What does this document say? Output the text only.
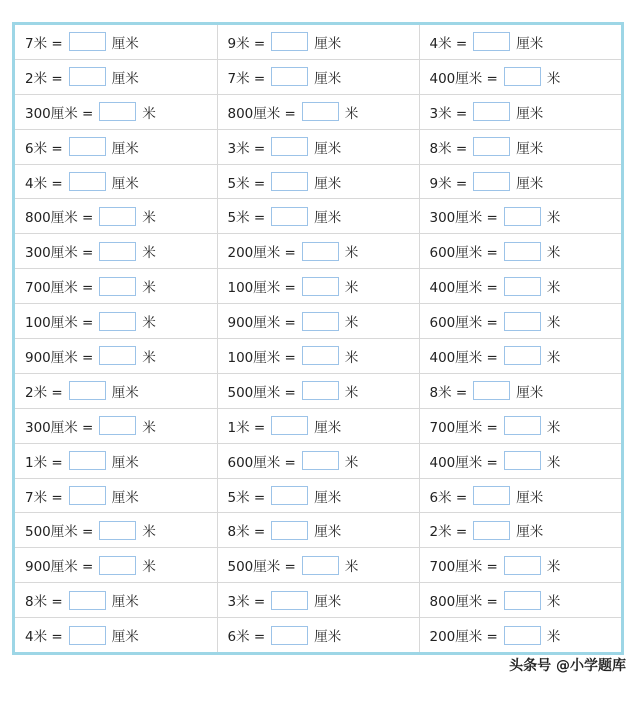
7米 = 厘米	9米 = 厘米	4米 = 厘米
2米 = 厘米	7米 = 厘米	400厘米 = 米
300厘米 = 米	800厘米 = 米	3米 = 厘米
6米 = 厘米	3米 = 厘米	8米 = 厘米
4米 = 厘米	5米 = 厘米	9米 = 厘米
800厘米 = 米	5米 = 厘米	300厘米 = 米
300厘米 = 米	200厘米 = 米	600厘米 = 米
700厘米 = 米	100厘米 = 米	400厘米 = 米
100厘米 = 米	900厘米 = 米	600厘米 = 米
900厘米 = 米	100厘米 = 米	400厘米 = 米
2米 = 厘米	500厘米 = 米	8米 = 厘米
300厘米 = 米	1米 = 厘米	700厘米 = 米
1米 = 厘米	600厘米 = 米	400厘米 = 米
7米 = 厘米	5米 = 厘米	6米 = 厘米
500厘米 = 米	8米 = 厘米	2米 = 厘米
900厘米 = 米	500厘米 = 米	700厘米 = 米
8米 = 厘米	3米 = 厘米	800厘米 = 米
4米 = 厘米	6米 = 厘米	200厘米 = 米
头条号 @小学题库
